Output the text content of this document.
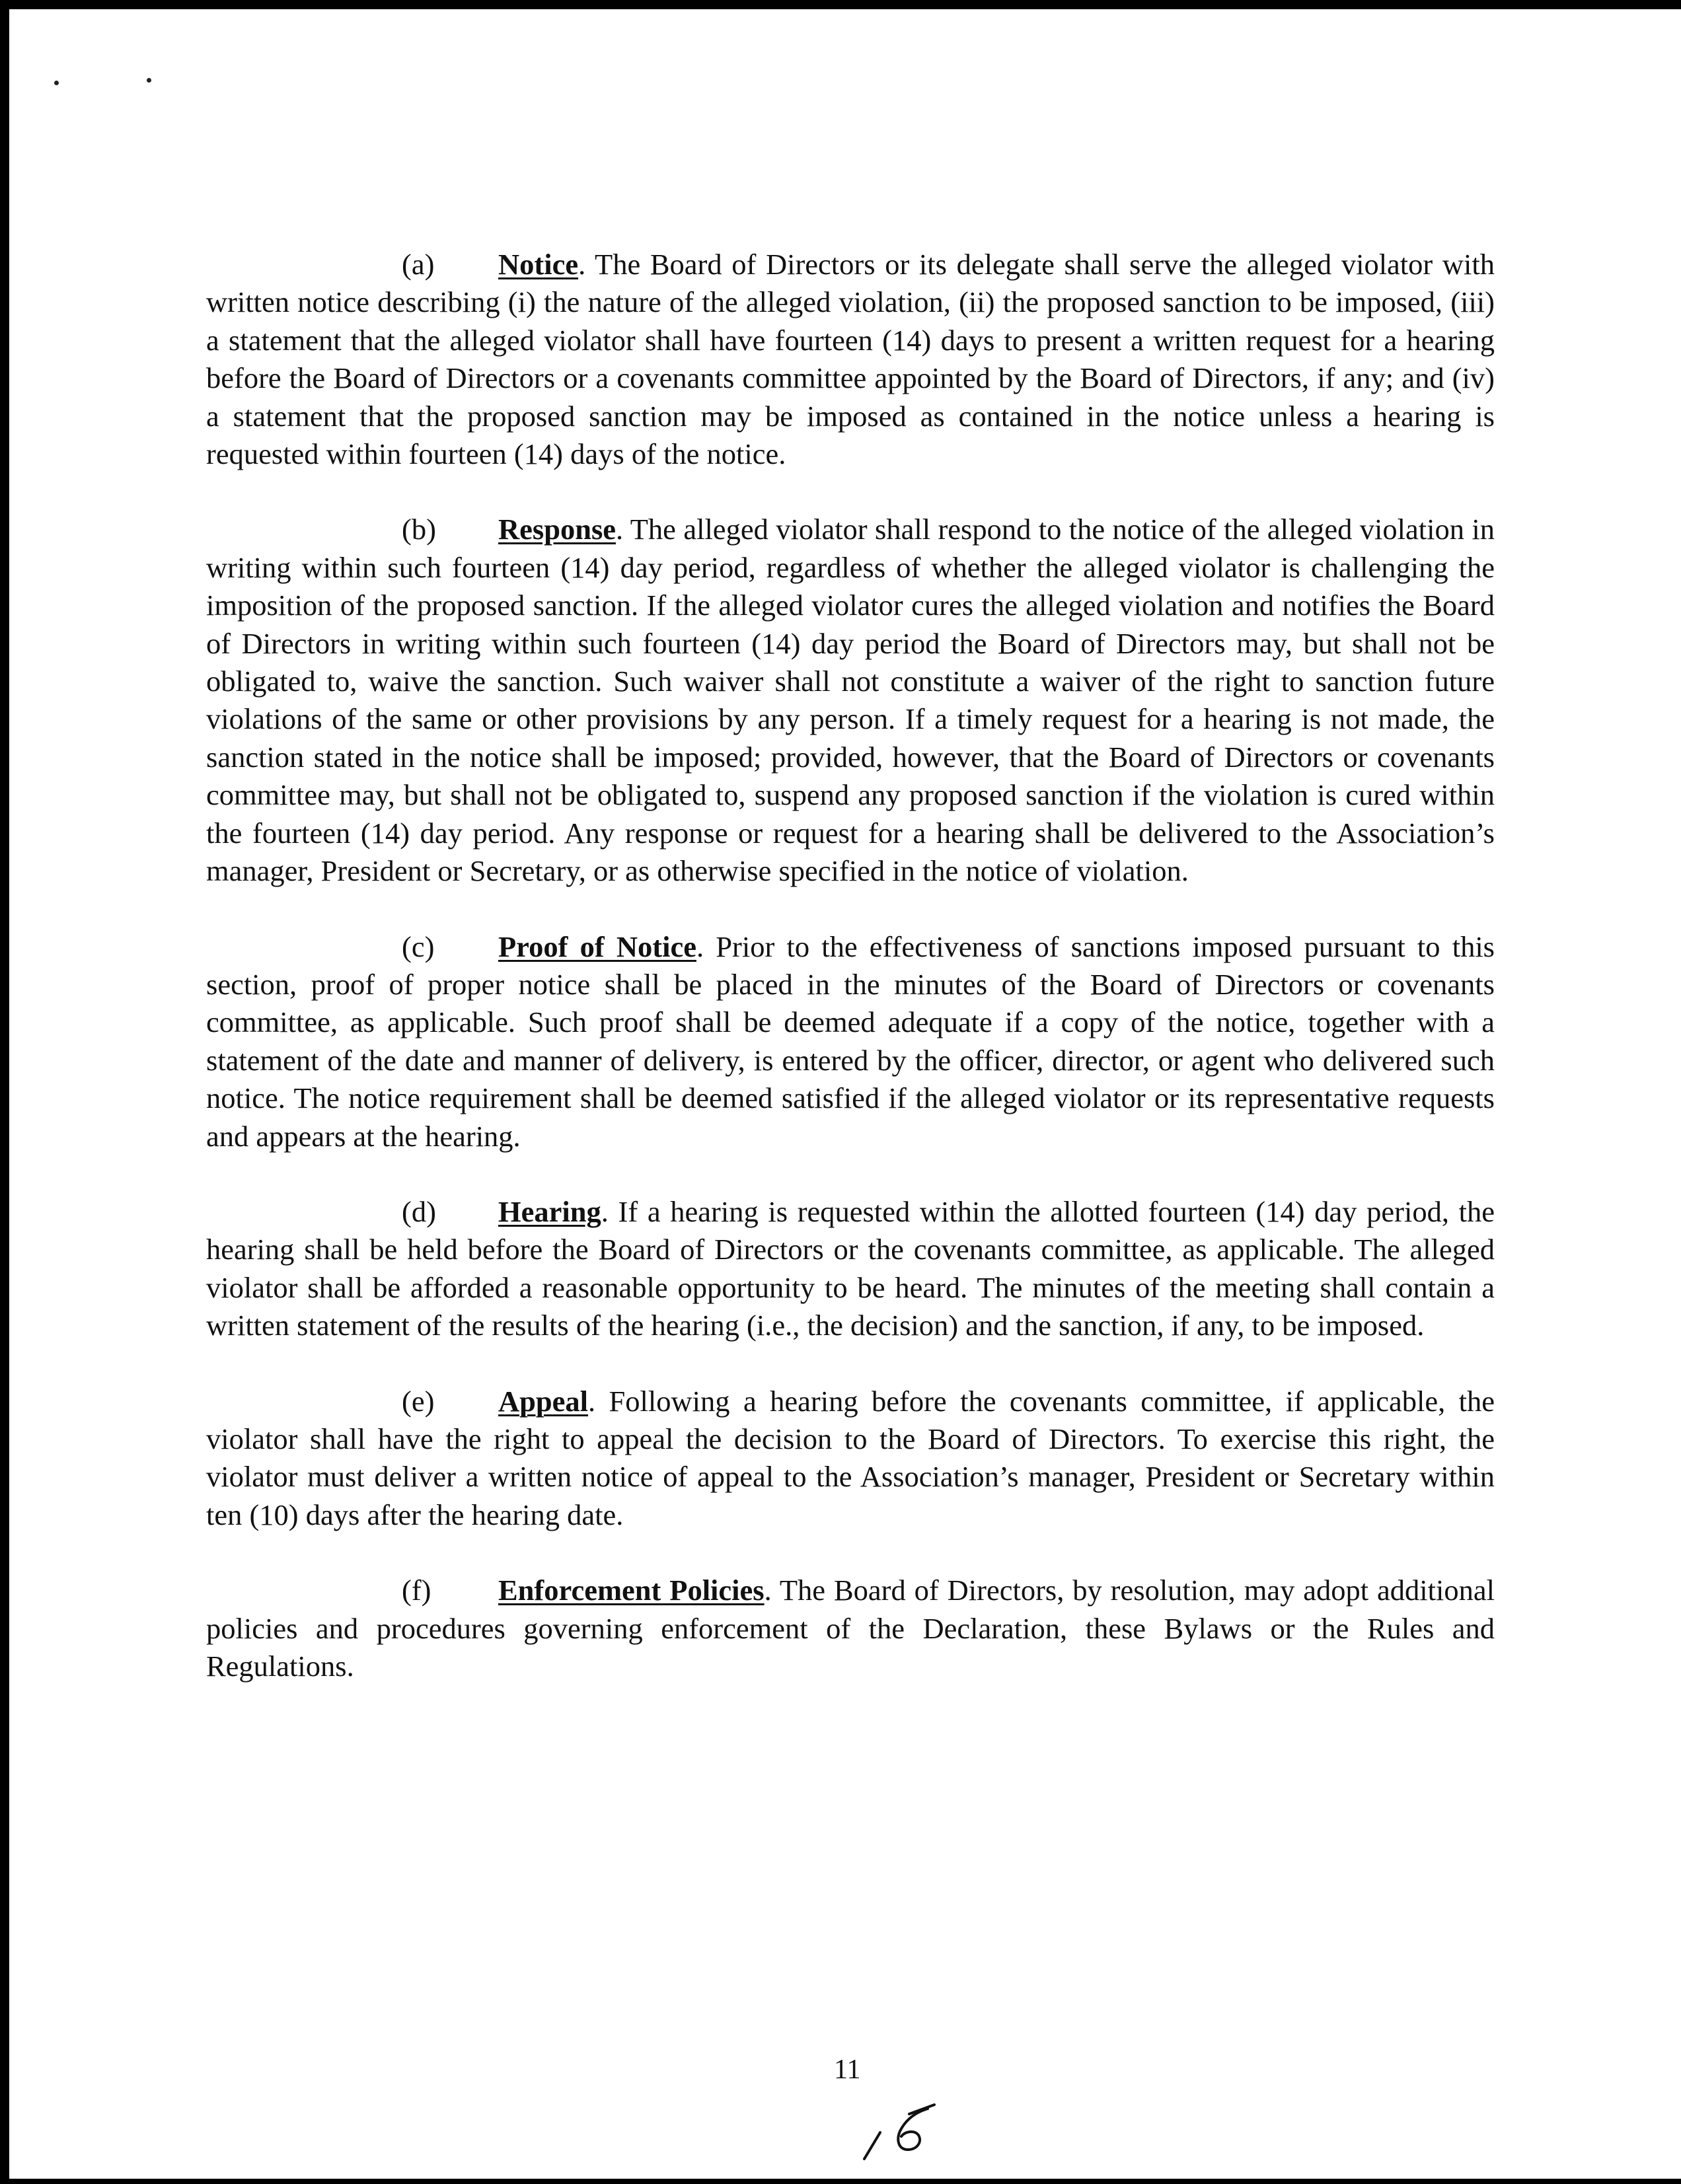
(a) Notice. The Board of Directors or its delegate shall serve the alleged violator with written notice describing (i) the nature of the alleged violation, (ii) the proposed sanction to be imposed, (iii) a statement that the alleged violator shall have fourteen (14) days to present a written request for a hearing before the Board of Directors or a covenants committee appointed by the Board of Directors, if any; and (iv) a statement that the proposed sanction may be imposed as contained in the notice unless a hearing is requested within fourteen (14) days of the notice.

(b) Response. The alleged violator shall respond to the notice of the alleged violation in writing within such fourteen (14) day period, regardless of whether the alleged violator is challenging the imposition of the proposed sanction. If the alleged violator cures the alleged violation and notifies the Board of Directors in writing within such fourteen (14) day period the Board of Directors may, but shall not be obligated to, waive the sanction. Such waiver shall not constitute a waiver of the right to sanction future violations of the same or other provisions by any person. If a timely request for a hearing is not made, the sanction stated in the notice shall be imposed; provided, however, that the Board of Directors or covenants committee may, but shall not be obligated to, suspend any proposed sanction if the violation is cured within the fourteen (14) day period. Any response or request for a hearing shall be delivered to the Association’s manager, President or Secretary, or as otherwise specified in the notice of violation.

(c) Proof of Notice. Prior to the effectiveness of sanctions imposed pursuant to this section, proof of proper notice shall be placed in the minutes of the Board of Directors or covenants committee, as applicable. Such proof shall be deemed adequate if a copy of the notice, together with a statement of the date and manner of delivery, is entered by the officer, director, or agent who delivered such notice. The notice requirement shall be deemed satisfied if the alleged violator or its representative requests and appears at the hearing.

(d) Hearing. If a hearing is requested within the allotted fourteen (14) day period, the hearing shall be held before the Board of Directors or the covenants committee, as applicable. The alleged violator shall be afforded a reasonable opportunity to be heard. The minutes of the meeting shall contain a written statement of the results of the hearing (i.e., the decision) and the sanction, if any, to be imposed.

(e) Appeal. Following a hearing before the covenants committee, if applicable, the violator shall have the right to appeal the decision to the Board of Directors. To exercise this right, the violator must deliver a written notice of appeal to the Association’s manager, President or Secretary within ten (10) days after the hearing date.

(f) Enforcement Policies. The Board of Directors, by resolution, may adopt additional policies and procedures governing enforcement of the Declaration, these Bylaws or the Rules and Regulations.

11
